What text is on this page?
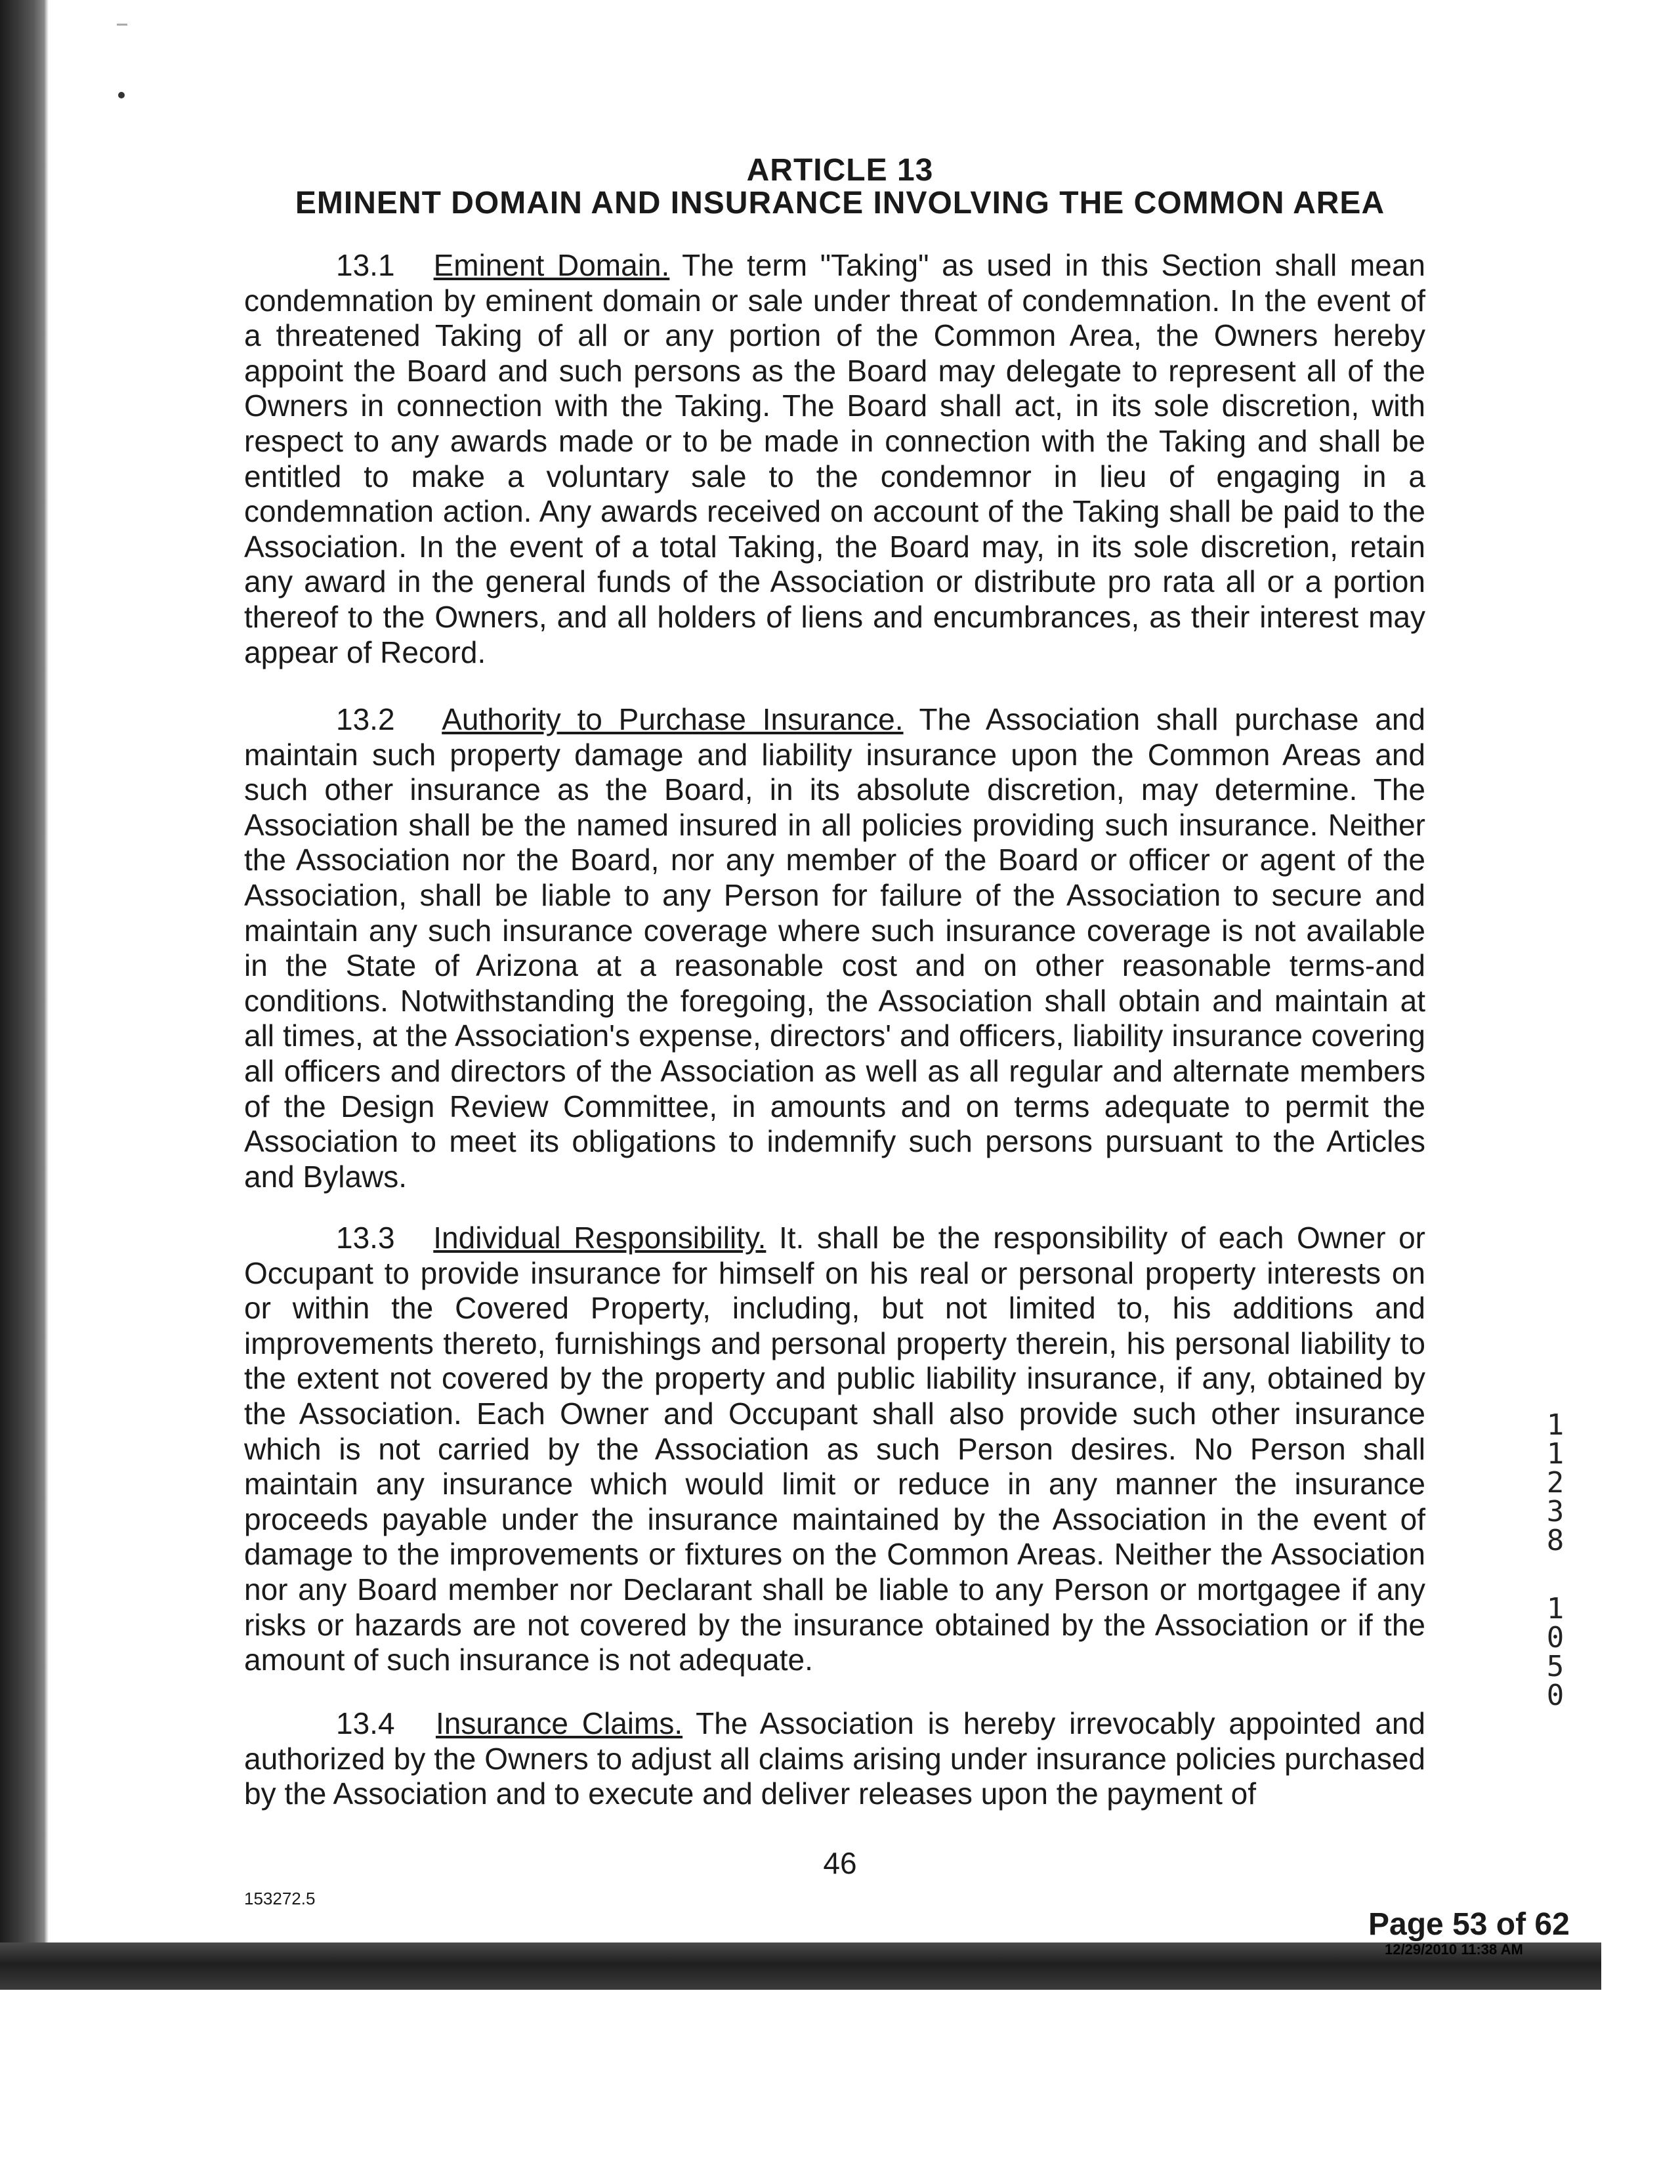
ARTICLE 13
EMINENT DOMAIN AND INSURANCE INVOLVING THE COMMON AREA

13.1 Eminent Domain. The term "Taking" as used in this Section shall mean condemnation by eminent domain or sale under threat of condemnation. In the event of a threatened Taking of all or any portion of the Common Area, the Owners hereby appoint the Board and such persons as the Board may delegate to represent all of the Owners in connection with the Taking. The Board shall act, in its sole discretion, with respect to any awards made or to be made in connection with the Taking and shall be entitled to make a voluntary sale to the condemnor in lieu of engaging in a condemnation action. Any awards received on account of the Taking shall be paid to the Association. In the event of a total Taking, the Board may, in its sole discretion, retain any award in the general funds of the Association or distribute pro rata all or a portion thereof to the Owners, and all holders of liens and encumbrances, as their interest may appear of Record.

13.2 Authority to Purchase Insurance. The Association shall purchase and maintain such property damage and liability insurance upon the Common Areas and such other insurance as the Board, in its absolute discretion, may determine. The Association shall be the named insured in all policies providing such insurance. Neither the Association nor the Board, nor any member of the Board or officer or agent of the Association, shall be liable to any Person for failure of the Association to secure and maintain any such insurance coverage where such insurance coverage is not available in the State of Arizona at a reasonable cost and on other reasonable terms-and conditions. Notwithstanding the foregoing, the Association shall obtain and maintain at all times, at the Association's expense, directors' and officers, liability insurance covering all officers and directors of the Association as well as all regular and alternate members of the Design Review Committee, in amounts and on terms adequate to permit the Association to meet its obligations to indemnify such persons pursuant to the Articles and Bylaws.

13.3 Individual Responsibility. It. shall be the responsibility of each Owner or Occupant to provide insurance for himself on his real or personal property interests on or within the Covered Property, including, but not limited to, his additions and improvements thereto, furnishings and personal property therein, his personal liability to the extent not covered by the property and public liability insurance, if any, obtained by the Association. Each Owner and Occupant shall also provide such other insurance which is not carried by the Association as such Person desires. No Person shall maintain any insurance which would limit or reduce in any manner the insurance proceeds payable under the insurance maintained by the Association in the event of damage to the improvements or fixtures on the Common Areas. Neither the Association nor any Board member nor Declarant shall be liable to any Person or mortgagee if any risks or hazards are not covered by the insurance obtained by the Association or if the amount of such insurance is not adequate.

13.4 Insurance Claims. The Association is hereby irrevocably appointed and authorized by the Owners to adjust all claims arising under insurance policies purchased by the Association and to execute and deliver releases upon the payment of

46
153272.5
Page 53 of 62
12/29/2010 11:38 AM
1
1
2
3
8
1
0
5
0
